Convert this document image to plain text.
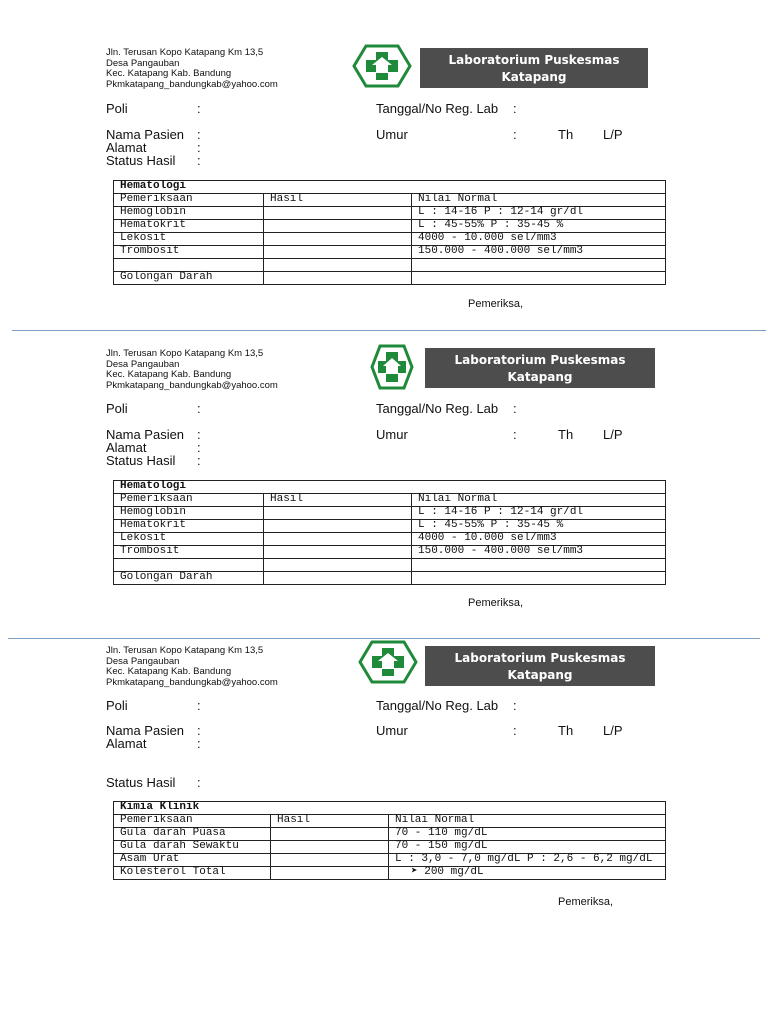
Jln. Terusan Kopo Katapang Km 13,5
Desa Pangauban
Kec. Katapang Kab. Bandung
Pkmkatapang_bandungkab@yahoo.com
Laboratorium Puskesmas
Katapang
Poli	:	Tanggal/No Reg. Lab :
Nama Pasien :	Umur	:	Th L/P
Alamat	:
Status Hasil :
Hematologi		
Pemeriksaan	Hasil	Nilai Normal
Hemoglobin		L : 14-16 P : 12-14 gr/dl
Hematokrit		L : 45-55% P : 35-45 %
Lekosit		4000 - 10.000 sel/mm3
Trombosit		150.000 - 400.000 sel/mm3

Golongan Darah		
Pemeriksa,
Jln. Terusan Kopo Katapang Km 13,5
Desa Pangauban
Kec. Katapang Kab. Bandung
Pkmkatapang_bandungkab@yahoo.com
Laboratorium Puskesmas
Katapang
Poli	:	Tanggal/No Reg. Lab :
Nama Pasien :	Umur	:	Th L/P
Alamat	:
Status Hasil :
Hematologi		
Pemeriksaan	Hasil	Nilai Normal
Hemoglobin		L : 14-16 P : 12-14 gr/dl
Hematokrit		L : 45-55% P : 35-45 %
Lekosit		4000 - 10.000 sel/mm3
Trombosit		150.000 - 400.000 sel/mm3

Golongan Darah		
Pemeriksa,
Jln. Terusan Kopo Katapang Km 13,5
Desa Pangauban
Kec. Katapang Kab. Bandung
Pkmkatapang_bandungkab@yahoo.com
Laboratorium Puskesmas
Katapang
Poli	:	Tanggal/No Reg. Lab :
Nama Pasien :	Umur	:	Th L/P
Alamat	:
Status Hasil :
Kimia Klinik		
Pemeriksaan	Hasil	Nilai Normal
Gula darah Puasa		70 - 110 mg/dL
Gula darah Sewaktu		70 - 150 mg/dL
Asam Urat		L : 3,0 - 7,0 mg/dL P : 2,6 - 6,2 mg/dL
Kolesterol Total		➤ 200 mg/dL
Pemeriksa,
